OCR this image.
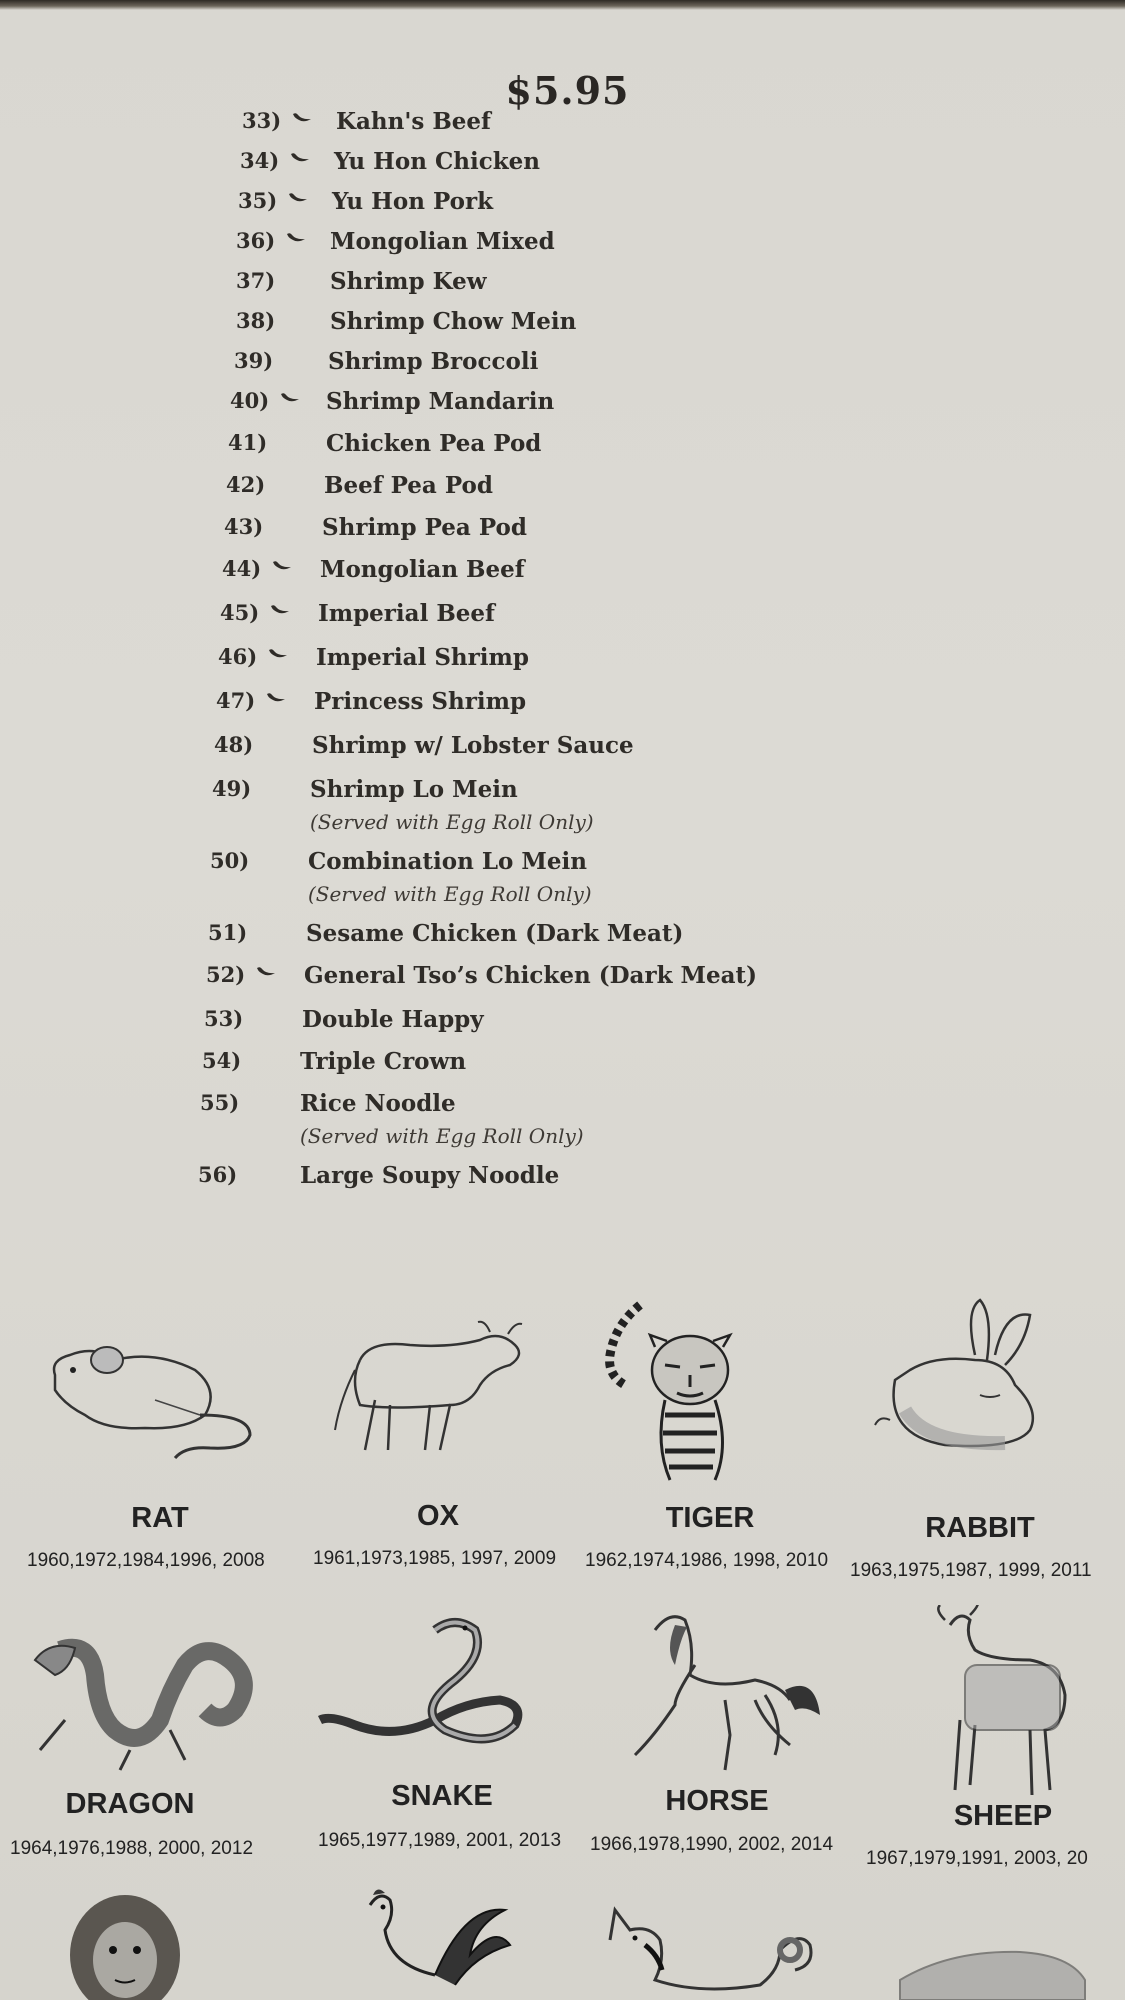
$5.95
33) Kahn's Beef
34) Yu Hon Chicken
35) Yu Hon Pork
36) Mongolian Mixed
37) Shrimp Kew
38) Shrimp Chow Mein
39) Shrimp Broccoli
40) Shrimp Mandarin
41)	Chicken Pea Pod
42)	Beef Pea Pod
43)	Shrimp Pea Pod
44)	Mongolian Beef
45)	Imperial Beef
46)	Imperial Shrimp
47)	Princess Shrimp
48)	Shrimp w/ Lobster Sauce
49)	Shrimp Lo Mein
(Served with Egg Roll Only)
50)	Combination Lo Mein
(Served with Egg Roll Only)
51)	Sesame Chicken (Dark Meat)
52)	General Tso’s Chicken (Dark Meat)
53)	Double Happy
54)	Triple Crown
55)	Rice Noodle
(Served with Egg Roll Only)
56)	Large Soupy Noodle
RAT
1960,1972,1984,1996, 2008
OX
1961,1973,1985, 1997, 2009
TIGER
1962,1974,1986, 1998, 2010
RABBIT
1963,1975,1987, 1999, 2011
DRAGON
1964,1976,1988, 2000, 2012
SNAKE
1965,1977,1989, 2001, 2013
HORSE
1966,1978,1990, 2002, 2014
SHEEP
1967,1979,1991, 2003, 20
